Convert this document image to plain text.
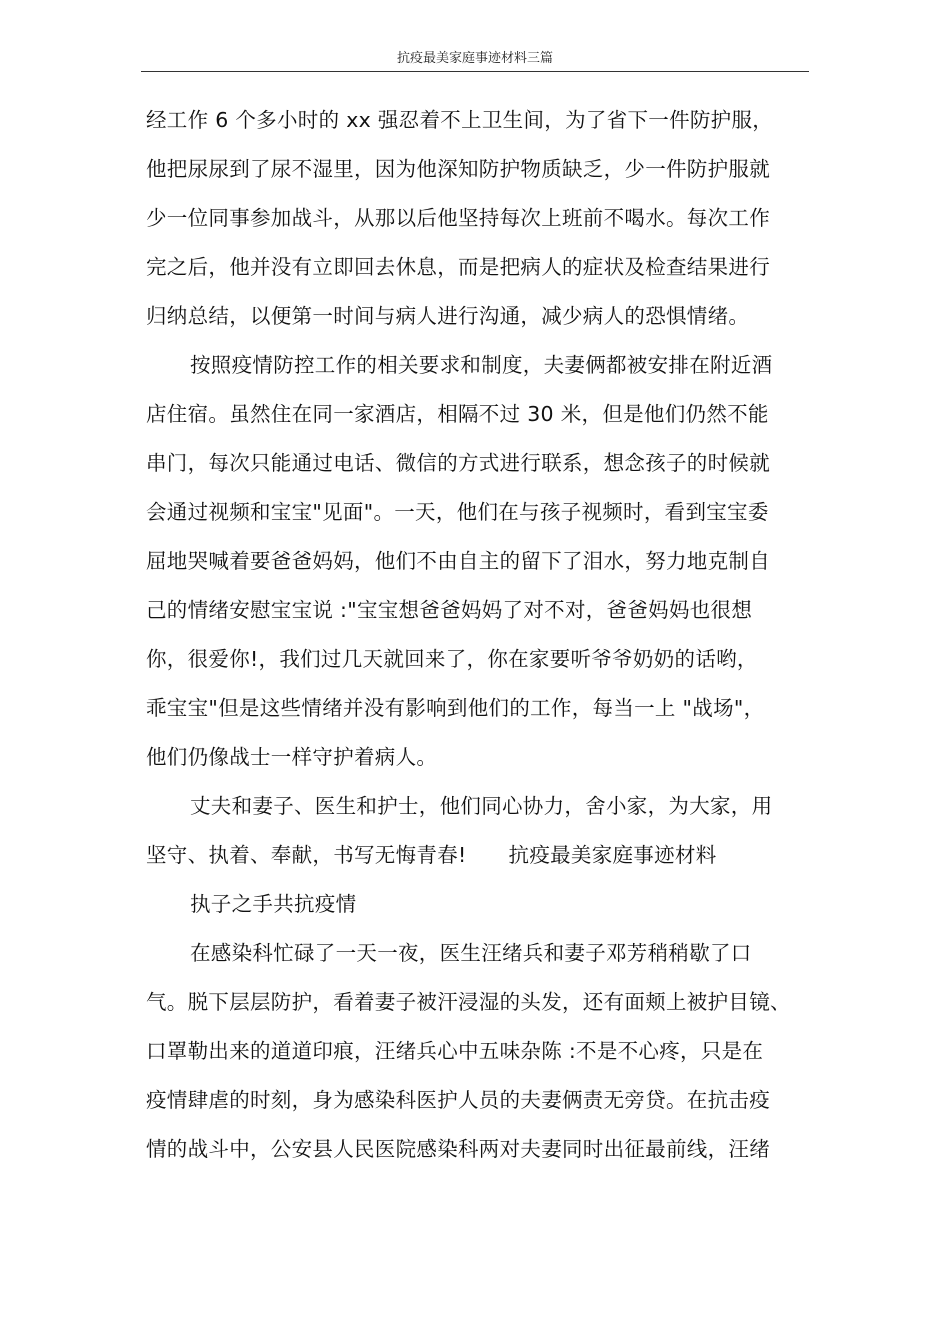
抗疫最美家庭事迹材料三篇
经工作 6 个多小时的 xx 强忍着不上卫生间，为了省下一件防护服，
他把尿尿到了尿不湿里，因为他深知防护物质缺乏，少一件防护服就
少一位同事参加战斗，从那以后他坚持每次上班前不喝水。每次工作
完之后，他并没有立即回去休息，而是把病人的症状及检查结果进行
归纳总结，以便第一时间与病人进行沟通，减少病人的恐惧情绪。
按照疫情防控工作的相关要求和制度，夫妻俩都被安排在附近酒
店住宿。虽然住在同一家酒店，相隔不过 30 米，但是他们仍然不能
串门，每次只能通过电话、微信的方式进行联系，想念孩子的时候就
会通过视频和宝宝"见面"。一天，他们在与孩子视频时，看到宝宝委
屈地哭喊着要爸爸妈妈，他们不由自主的留下了泪水，努力地克制自
己的情绪安慰宝宝说 :"宝宝想爸爸妈妈了对不对，爸爸妈妈也很想
你，很爱你!，我们过几天就回来了，你在家要听爷爷奶奶的话哟，
乖宝宝"但是这些情绪并没有影响到他们的工作，每当一上 "战场"，
他们仍像战士一样守护着病人。
丈夫和妻子、医生和护士，他们同心协力，舍小家，为大家，用
坚守、执着、奉献，书写无悔青春! 抗疫最美家庭事迹材料
执子之手共抗疫情
在感染科忙碌了一天一夜，医生汪绪兵和妻子邓芳稍稍歇了口
气。脱下层层防护，看着妻子被汗浸湿的头发，还有面颊上被护目镜、
口罩勒出来的道道印痕，汪绪兵心中五味杂陈 :不是不心疼，只是在
疫情肆虐的时刻，身为感染科医护人员的夫妻俩责无旁贷。在抗击疫
情的战斗中，公安县人民医院感染科两对夫妻同时出征最前线，汪绪
